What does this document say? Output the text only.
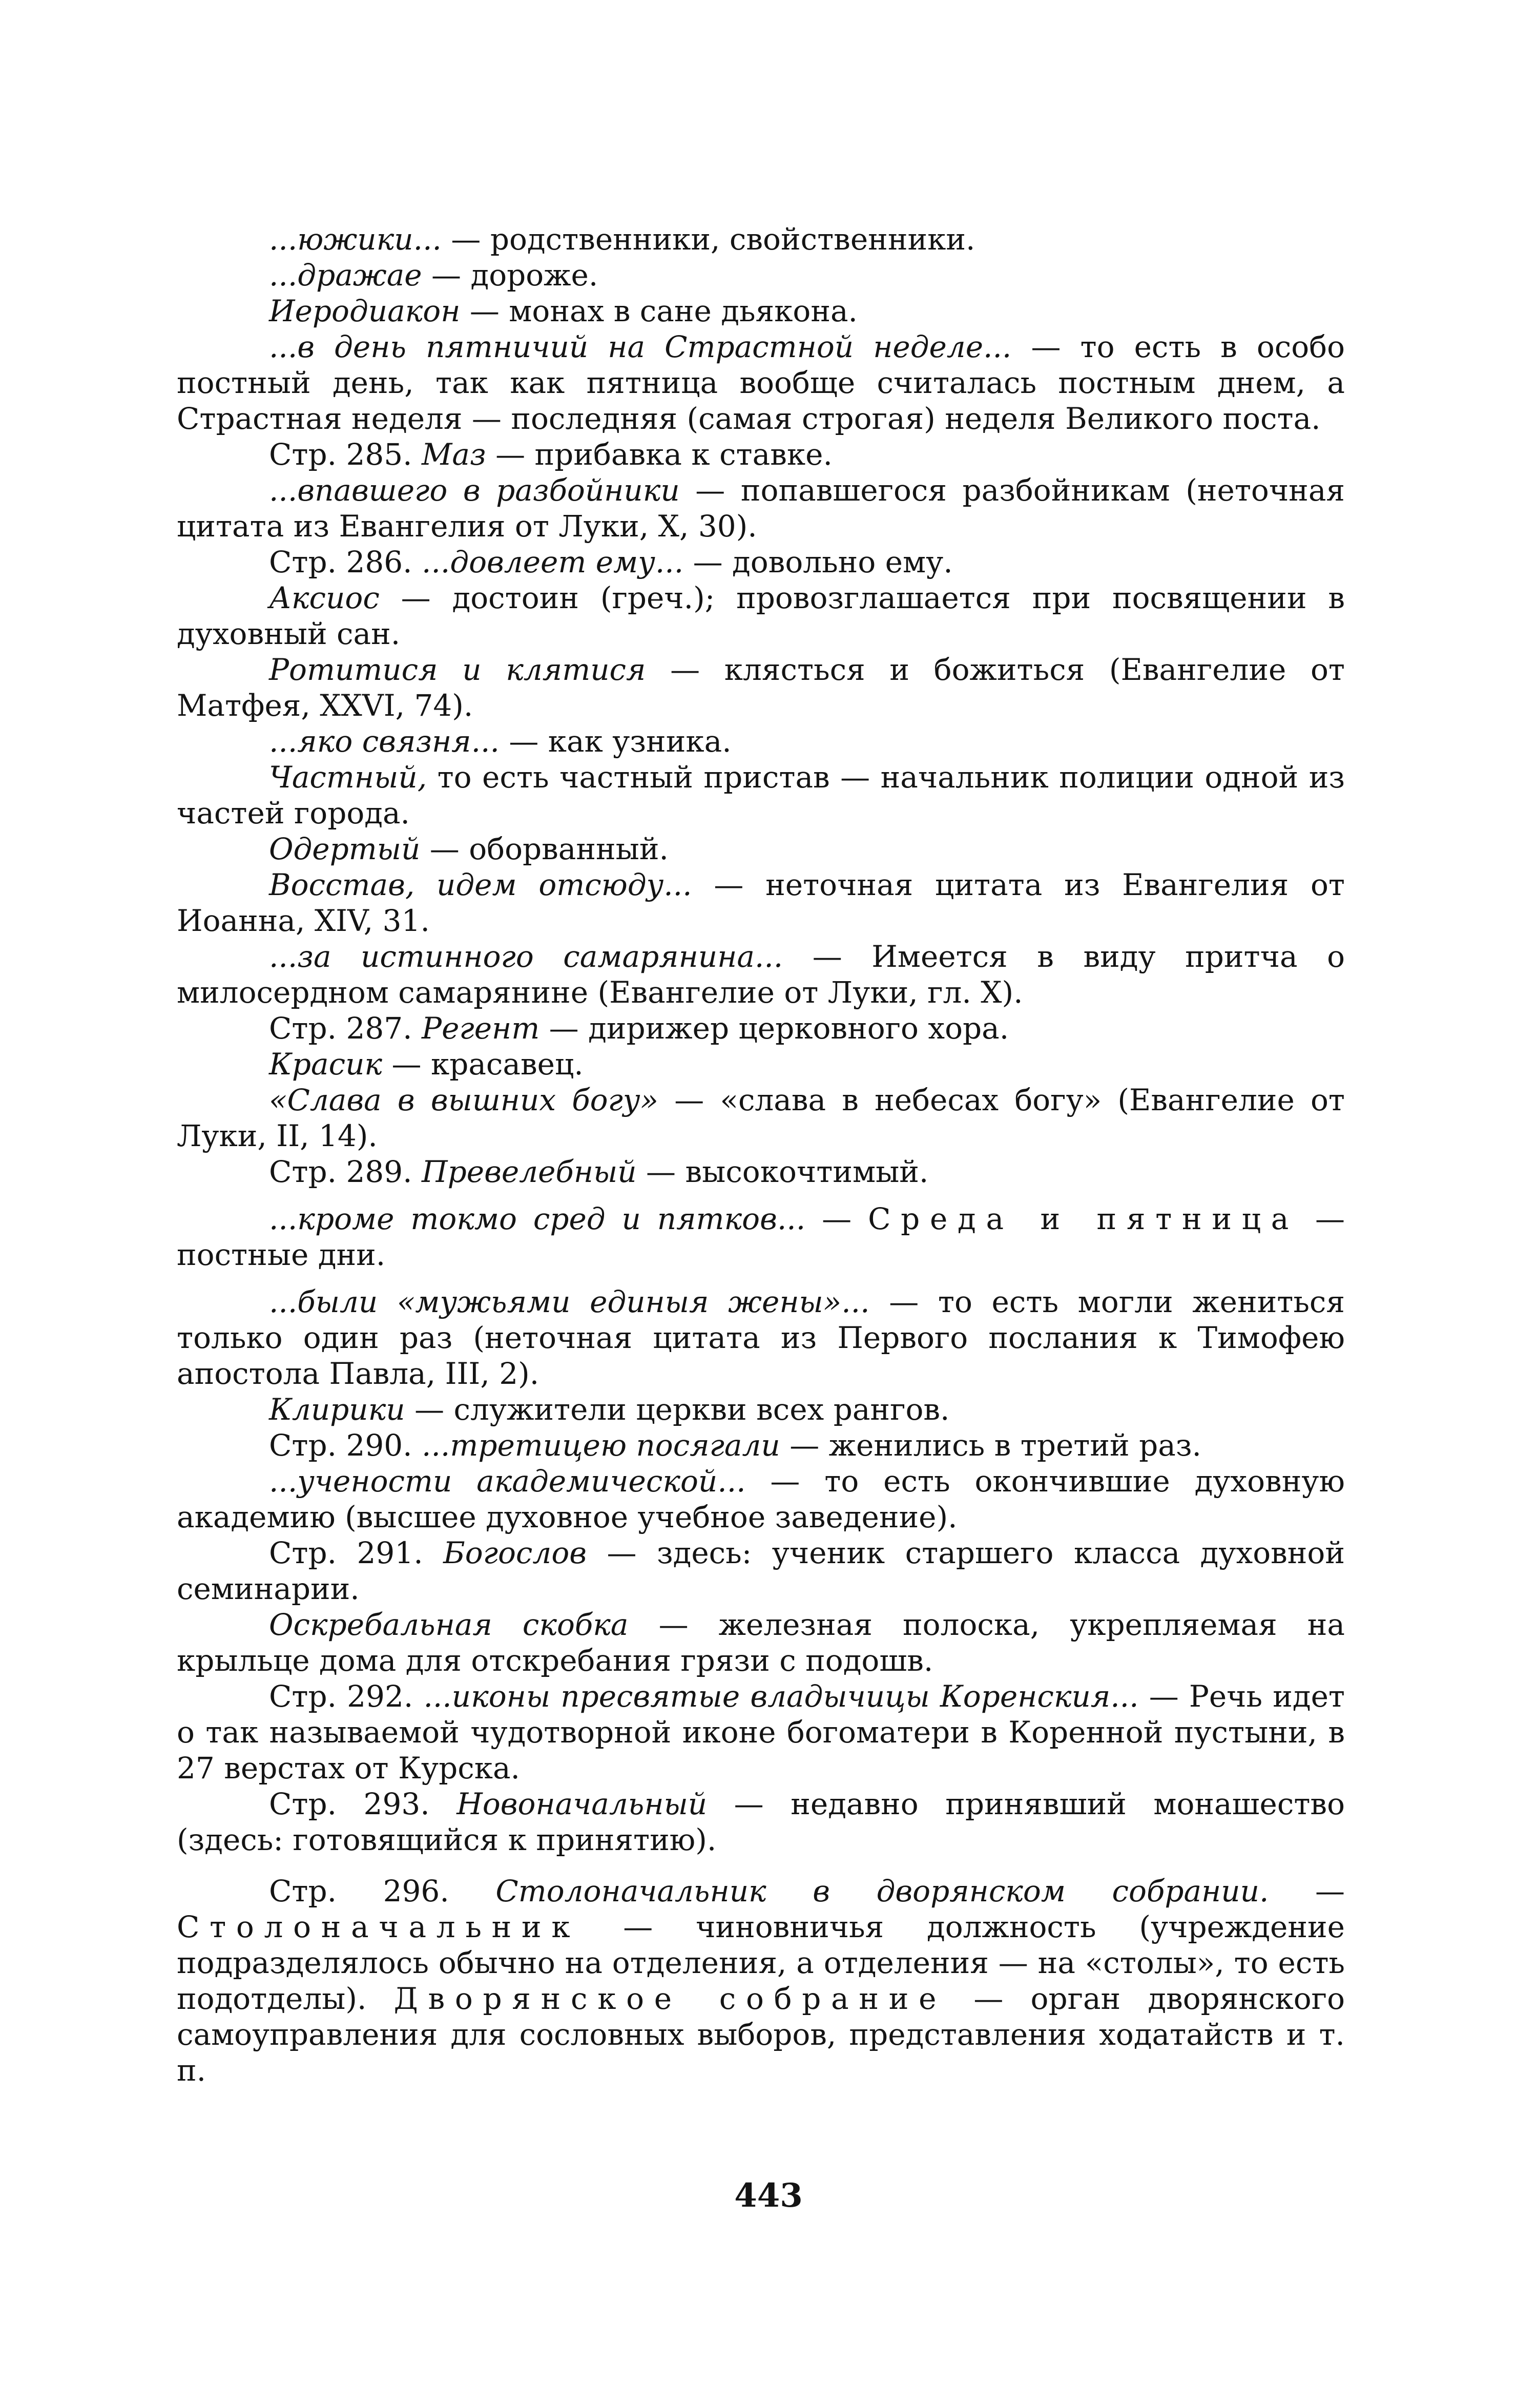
...южики... — родственники, свойственники.

...дражае — дороже.

Иеродиакон — монах в сане дьякона.

...в день пятничий на Страстной неделе... — то есть в особо постный день, так как пятница вообще считалась постным днем, а Страстная неделя — последняя (самая строгая) неделя Великого поста.

Стр. 285. Маз — прибавка к ставке.

...впавшего в разбойники — попавшегося разбойникам (неточная цитата из Евангелия от Луки, X, 30).

Стр. 286. ...довлеет ему... — довольно ему.

Аксиос — достоин (греч.); провозглашается при посвящении в духовный сан.

Ротитися и клятися — клясться и божиться (Евангелие от Матфея, XXVI, 74).

...яко связня... — как узника.

Частный, то есть частный пристав — начальник полиции одной из частей города.

Одертый — оборванный.

Восстав, идем отсюду... — неточная цитата из Евангелия от Иоанна, XIV, 31.

...за истинного самарянина... — Имеется в виду притча о милосердном самарянине (Евангелие от Луки, гл. X).

Стр. 287. Регент — дирижер церковного хора.

Красик — красавец.

«Слава в вышних богу» — «слава в небесах богу» (Евангелие от Луки, II, 14).

Стр. 289. Превелебный — высокочтимый.

...кроме токмо сред и пятков... — Среда и пятница — постные дни.

...были «мужьями единыя жены»... — то есть могли жениться только один раз (неточная цитата из Первого послания к Тимофею апостола Павла, III, 2).

Клирики — служители церкви всех рангов.

Стр. 290. ...третицею посягали — женились в третий раз.

...учености академической... — то есть окончившие духовную академию (высшее духовное учебное заведение).

Стр. 291. Богослов — здесь: ученик старшего класса духовной семинарии.

Оскребальная скобка — железная полоска, укрепляемая на крыльце дома для отскребания грязи с подошв.

Стр. 292. ...иконы пресвятые владычицы Коренския... — Речь идет о так называемой чудотворной иконе богоматери в Коренной пустыни, в 27 верстах от Курска.

Стр. 293. Новоначальный — недавно принявший монашество (здесь: готовящийся к принятию).

Стр. 296. Столоначальник в дворянском собрании. — Столоначальник — чиновничья должность (учреждение подразделялось обычно на отделения, а отделения — на «столы», то есть подотделы). Дворянское собрание — орган дворянского самоуправления для сословных выборов, представления ходатайств и т. п.

443
